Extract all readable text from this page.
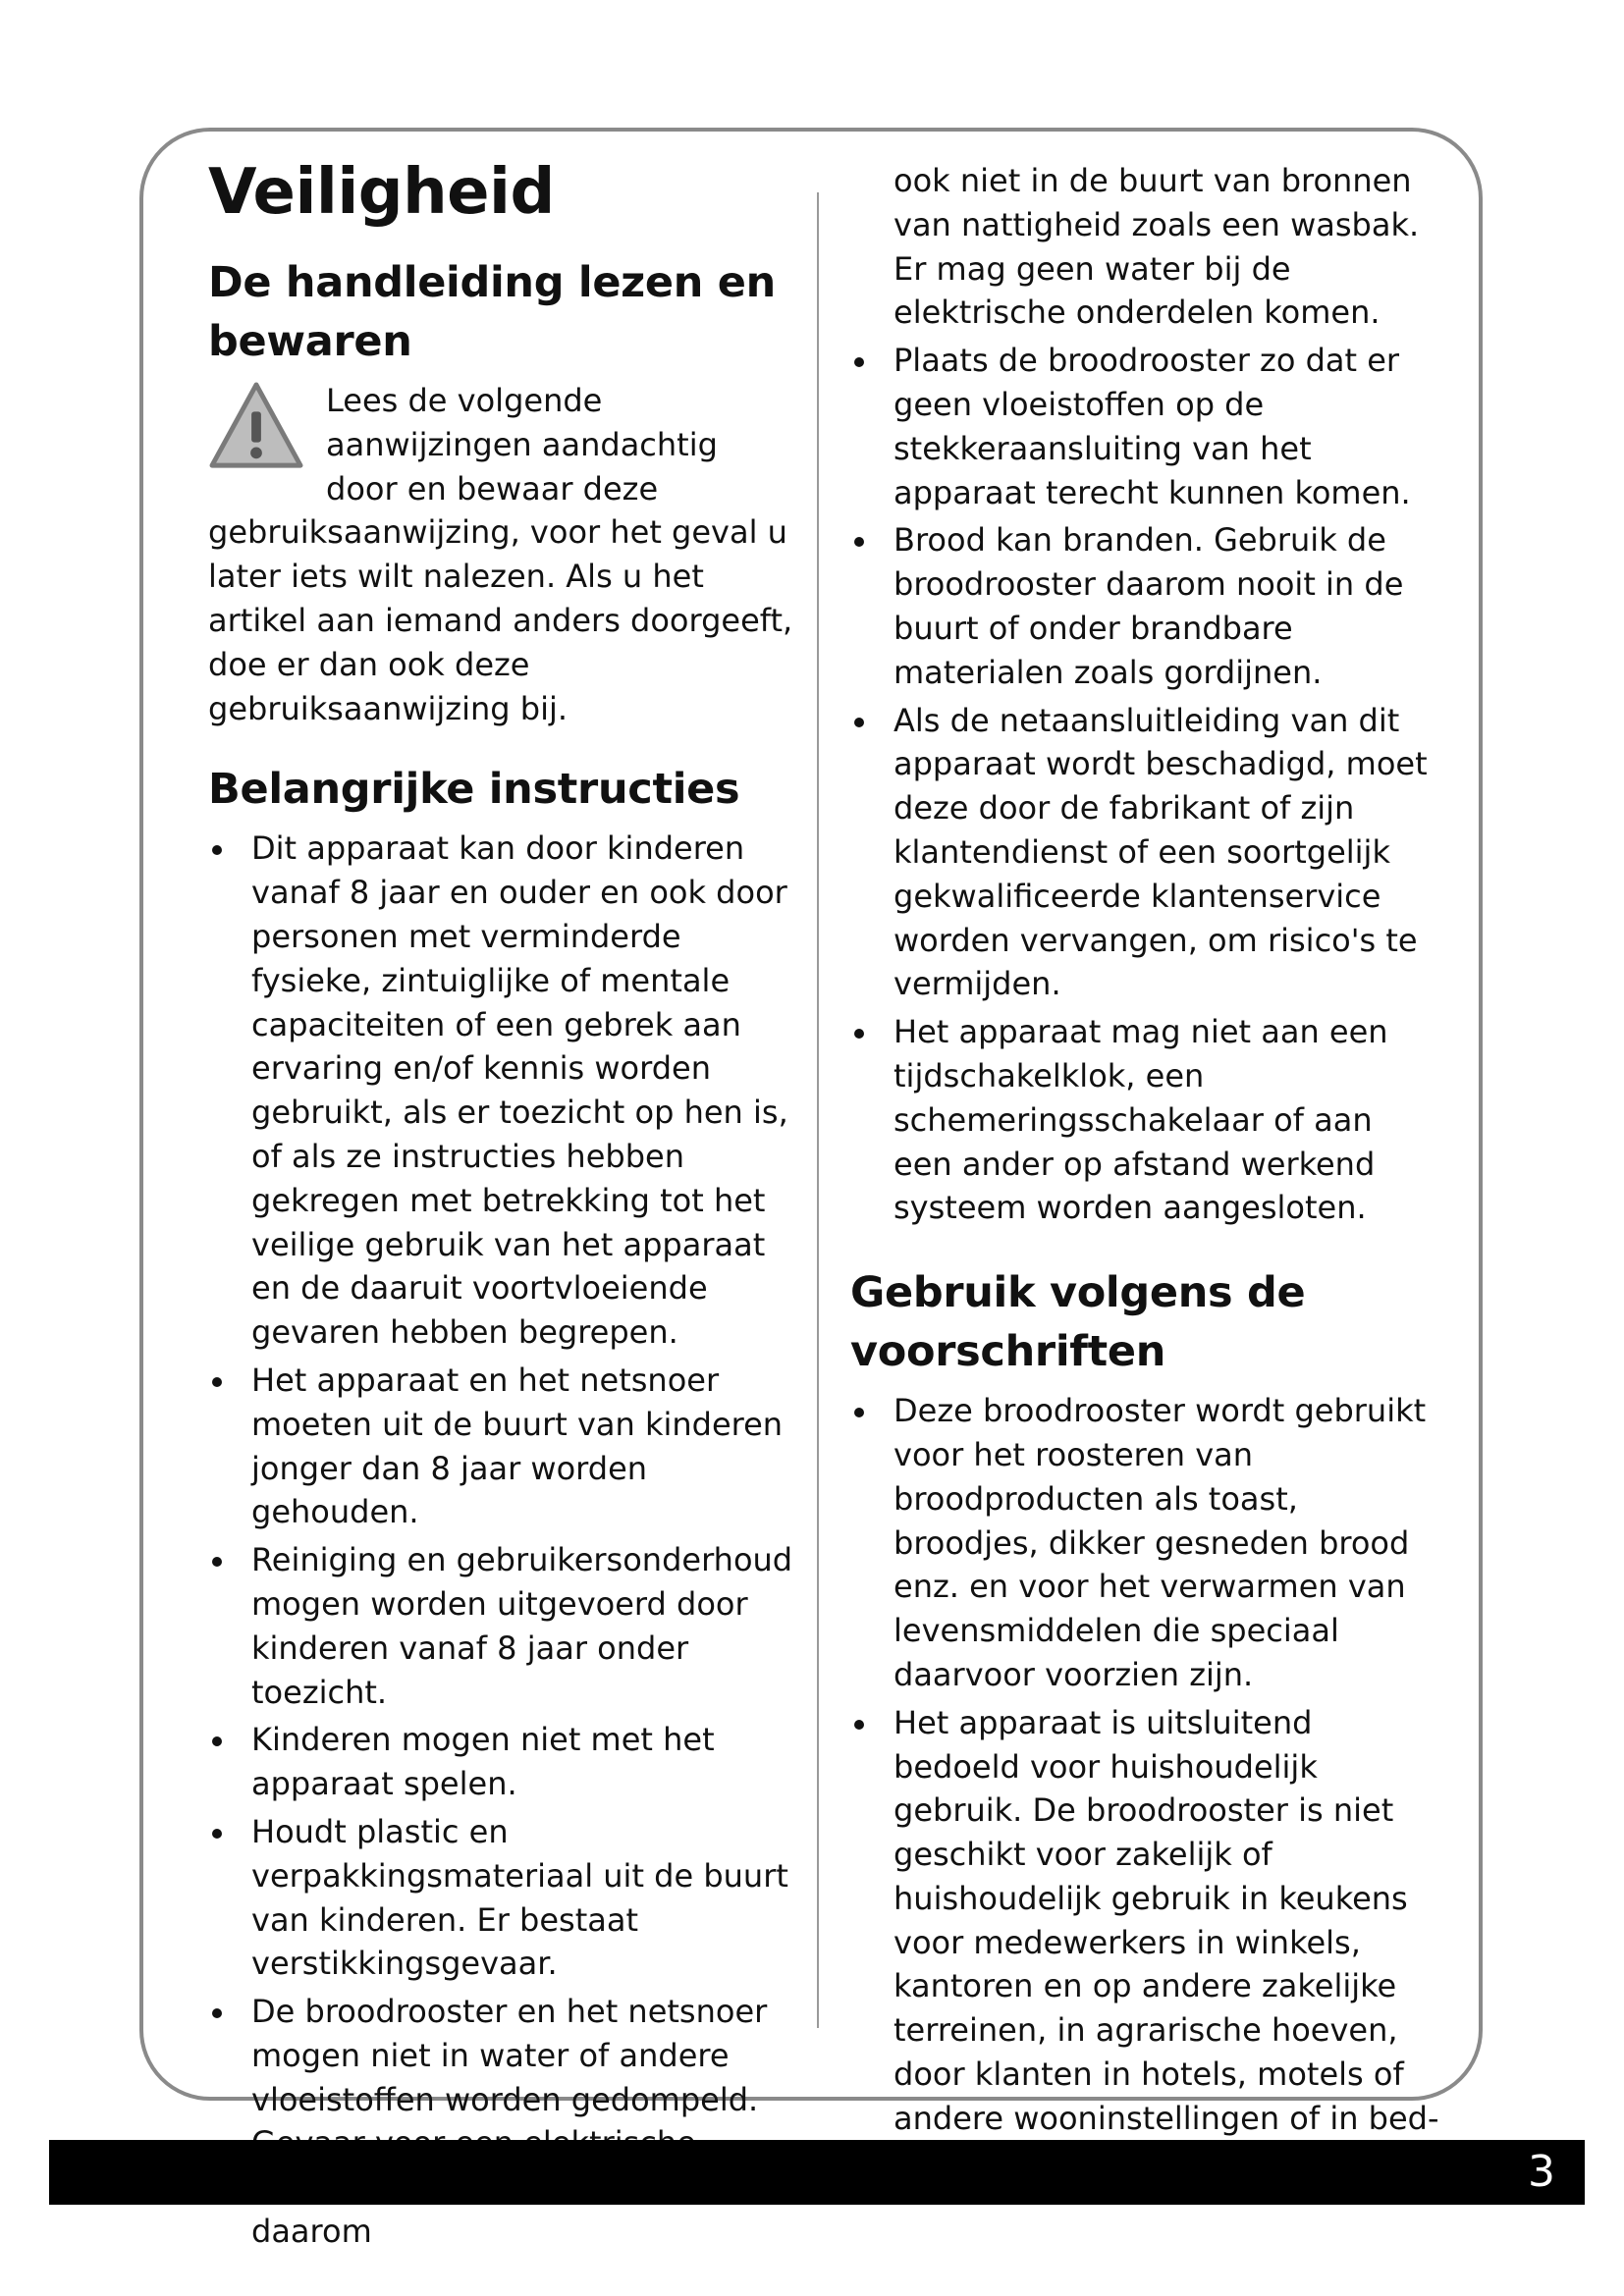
Veiligheid
De handleiding lezen en bewaren

Lees de volgende aanwijzingen aandachtig door en bewaar deze gebruiksaanwijzing, voor het geval u later iets wilt nalezen. Als u het artikel aan iemand anders doorgeeft, doe er dan ook deze gebruiksaanwijzing bij.

Belangrijke instructies
Dit apparaat kan door kinderen vanaf 8 jaar en ouder en ook door personen met verminderde fysieke, zintuiglijke of mentale capaciteiten of een gebrek aan ervaring en/of kennis worden gebruikt, als er toezicht op hen is, of als ze instructies hebben gekregen met betrekking tot het veilige gebruik van het apparaat en de daaruit voortvloeiende gevaren hebben begrepen.
Het apparaat en het netsnoer moeten uit de buurt van kinderen jonger dan 8 jaar worden gehouden.
Reiniging en gebruikersonderhoud mogen worden uitgevoerd door kinderen vanaf 8 jaar onder toezicht.
Kinderen mogen niet met het apparaat spelen.
Houdt plastic en verpakkingsmateriaal uit de buurt van kinderen. Er bestaat verstikkingsgevaar.
De broodrooster en het netsnoer mogen niet in water of andere vloeistoffen worden gedompeld. daarom

ook niet in de buurt van bronnen van nattigheid zoals een wasbak. Er mag geen water bij de elektrische onderdelen komen.

Plaats de broodrooster zo dat er geen vloeistoffen op de stekkeraansluiting van het apparaat terecht kunnen komen.
Brood kan branden. Gebruik de broodrooster daarom nooit in de buurt of onder brandbare materialen zoals gordijnen.
Als de netaansluitleiding van dit apparaat wordt beschadigd, moet deze door de fabrikant of zijn klantendienst of een soortgelijk gekwalificeerde klantenservice worden vervangen, om risico's te vermijden.
Het apparaat mag niet aan een tijdschakelklok, een schemeringsschakelaar of aan een ander op afstand werkend systeem worden aangesloten.
Gebruik volgens de voorschriften
Deze broodrooster wordt gebruikt voor het roosteren van broodproducten als toast, broodjes, dikker gesneden brood enz. en voor het verwarmen van levensmiddelen die speciaal daarvoor voorzien zijn.
Het apparaat is uitsluitend bedoeld voor huishoudelijk gebruik. De broodrooster is niet geschikt voor zakelijk of huishoudelijk gebruik in keukens voor medewerkers in winkels, kantoren en op andere zakelijke terreinen, in agrarische hoeven, door klanten in hotels, motels of andere wooninstellingen of in bed-
3
